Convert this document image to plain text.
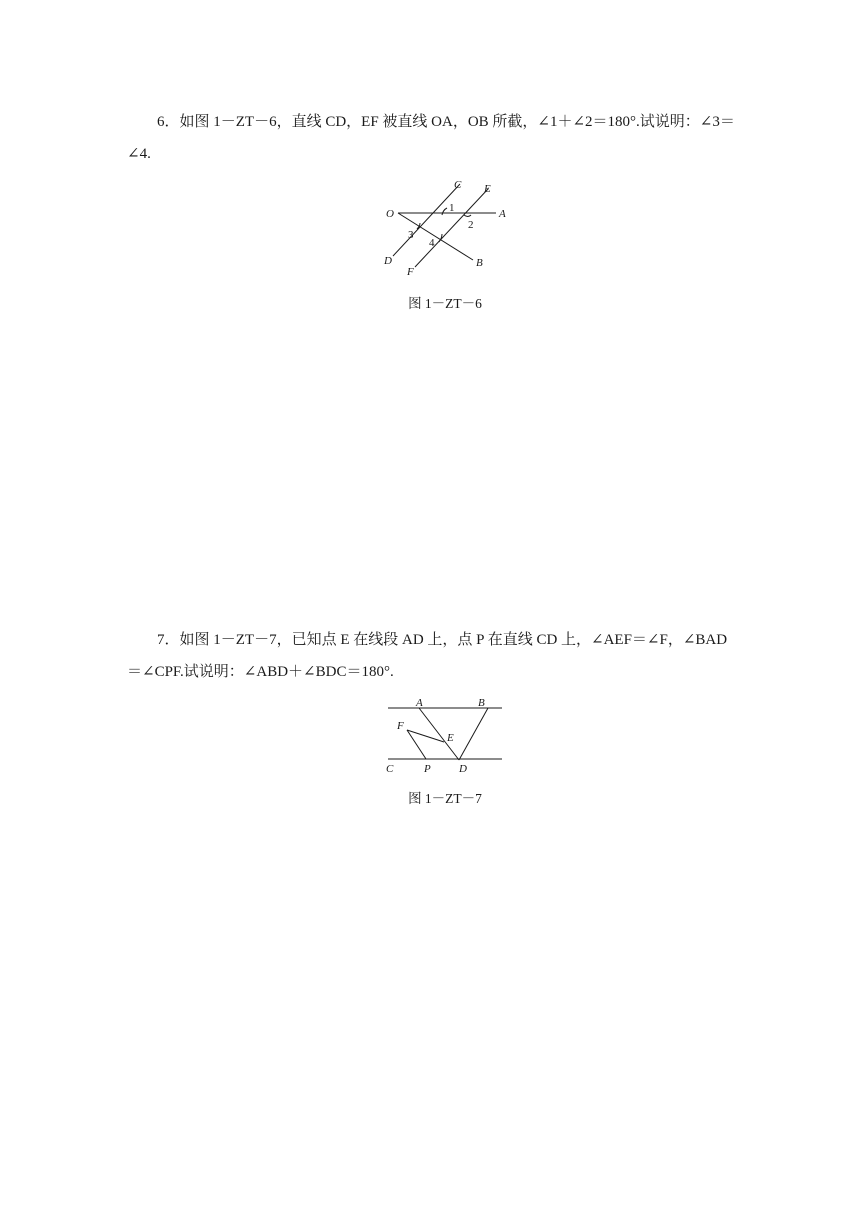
6．如图 1－ZT－6，直线 CD，EF 被直线 OA，OB 所截，∠1＋∠2＝180°.试说明：∠3＝∠4.

C E
O	A
D
F
B
1
2
3
4
图 1－ZT－6

7．如图 1－ZT－7，已知点 E 在线段 AD 上，点 P 在直线 CD 上，∠AEF＝∠F，∠BAD＝∠CPF.试说明：∠ABD＋∠BDC＝180°.

A	B
F
E
C	P	D
图 1－ZT－7
